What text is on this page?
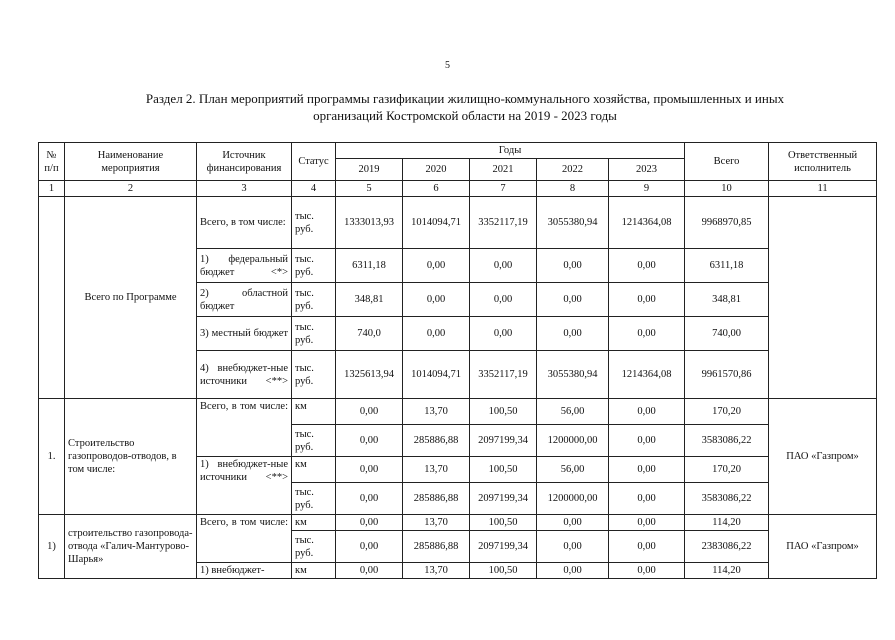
5
Раздел 2. План мероприятий программы газификации жилищно-коммунального хозяйства, промышленных и иных
организаций Костромской области на 2019 - 2023 годы
№ п/п	Наименование мероприятия	Источник финансирования	Статус	Годы					Всего	Ответственный исполнитель
				2019	2020	2021	2022	2023		
1	2	3	4	5	6	7	8	9	10	11
	Всего по Программе	Всего, в том числе:	тыс. руб.	1333013,93	1014094,71	3352117,19	3055380,94	1214364,08	9968970,85	
		1) федеральный бюджет <*>	тыс. руб.	6311,18	0,00	0,00	0,00	0,00	6311,18	
		2) областной бюджет	тыс. руб.	348,81	0,00	0,00	0,00	0,00	348,81	
		3) местный бюджет	тыс. руб.	740,0	0,00	0,00	0,00	0,00	740,00	
		4) внебюджет-ные источники <**>	тыс. руб.	1325613,94	1014094,71	3352117,19	3055380,94	1214364,08	9961570,86	
1.	Строительство газопроводов-отводов, в том числе:	Всего, в том числе:	км	0,00	13,70	100,50	56,00	0,00	170,20	ПАО «Газпром»
			тыс. руб.	0,00	285886,88	2097199,34	1200000,00	0,00	3583086,22	
		1) внебюджет-ные источники <**>	км	0,00	13,70	100,50	56,00	0,00	170,20	
			тыс. руб.	0,00	285886,88	2097199,34	1200000,00	0,00	3583086,22	
1)	строительство газопровода-отвода «Галич-Мантурово-Шарья»	Всего, в том числе:	км	0,00	13,70	100,50	0,00	0,00	114,20	ПАО «Газпром»
			тыс. руб.	0,00	285886,88	2097199,34	0,00	0,00	2383086,22	
		1) внебюджет-	км	0,00	13,70	100,50	0,00	0,00	114,20	
